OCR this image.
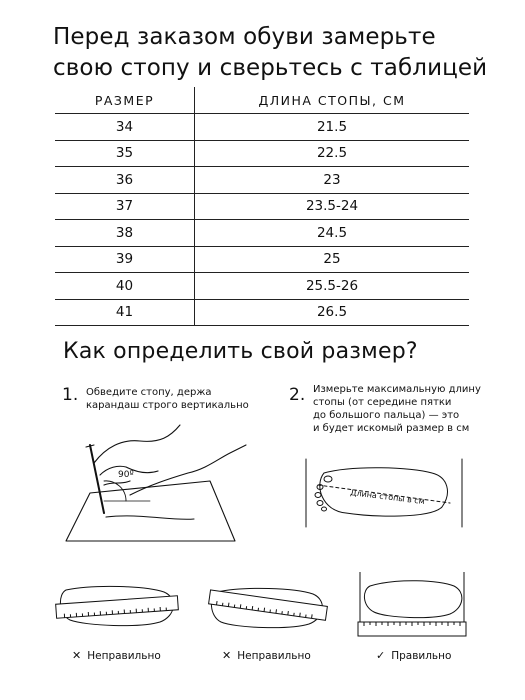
Перед заказом обуви замерьте
свою стопу и сверьтесь с таблицей
РАЗМЕР	ДЛИНА СТОПЫ, СМ
34	21.5
35	22.5
36	23
37	23.5-24
38	24.5
39	25
40	25.5-26
41	26.5
Как определить свой размер?
1. Обведите стопу, держа
карандаш строго вертикально
90º
2. Измерьте максимальную длину
стопы (от середине пятки
до большого пальца) — это
и будет искомый размер в см
Длина стопы в см
✕ Неправильно	✕ Неправильно	✓ Правильно
